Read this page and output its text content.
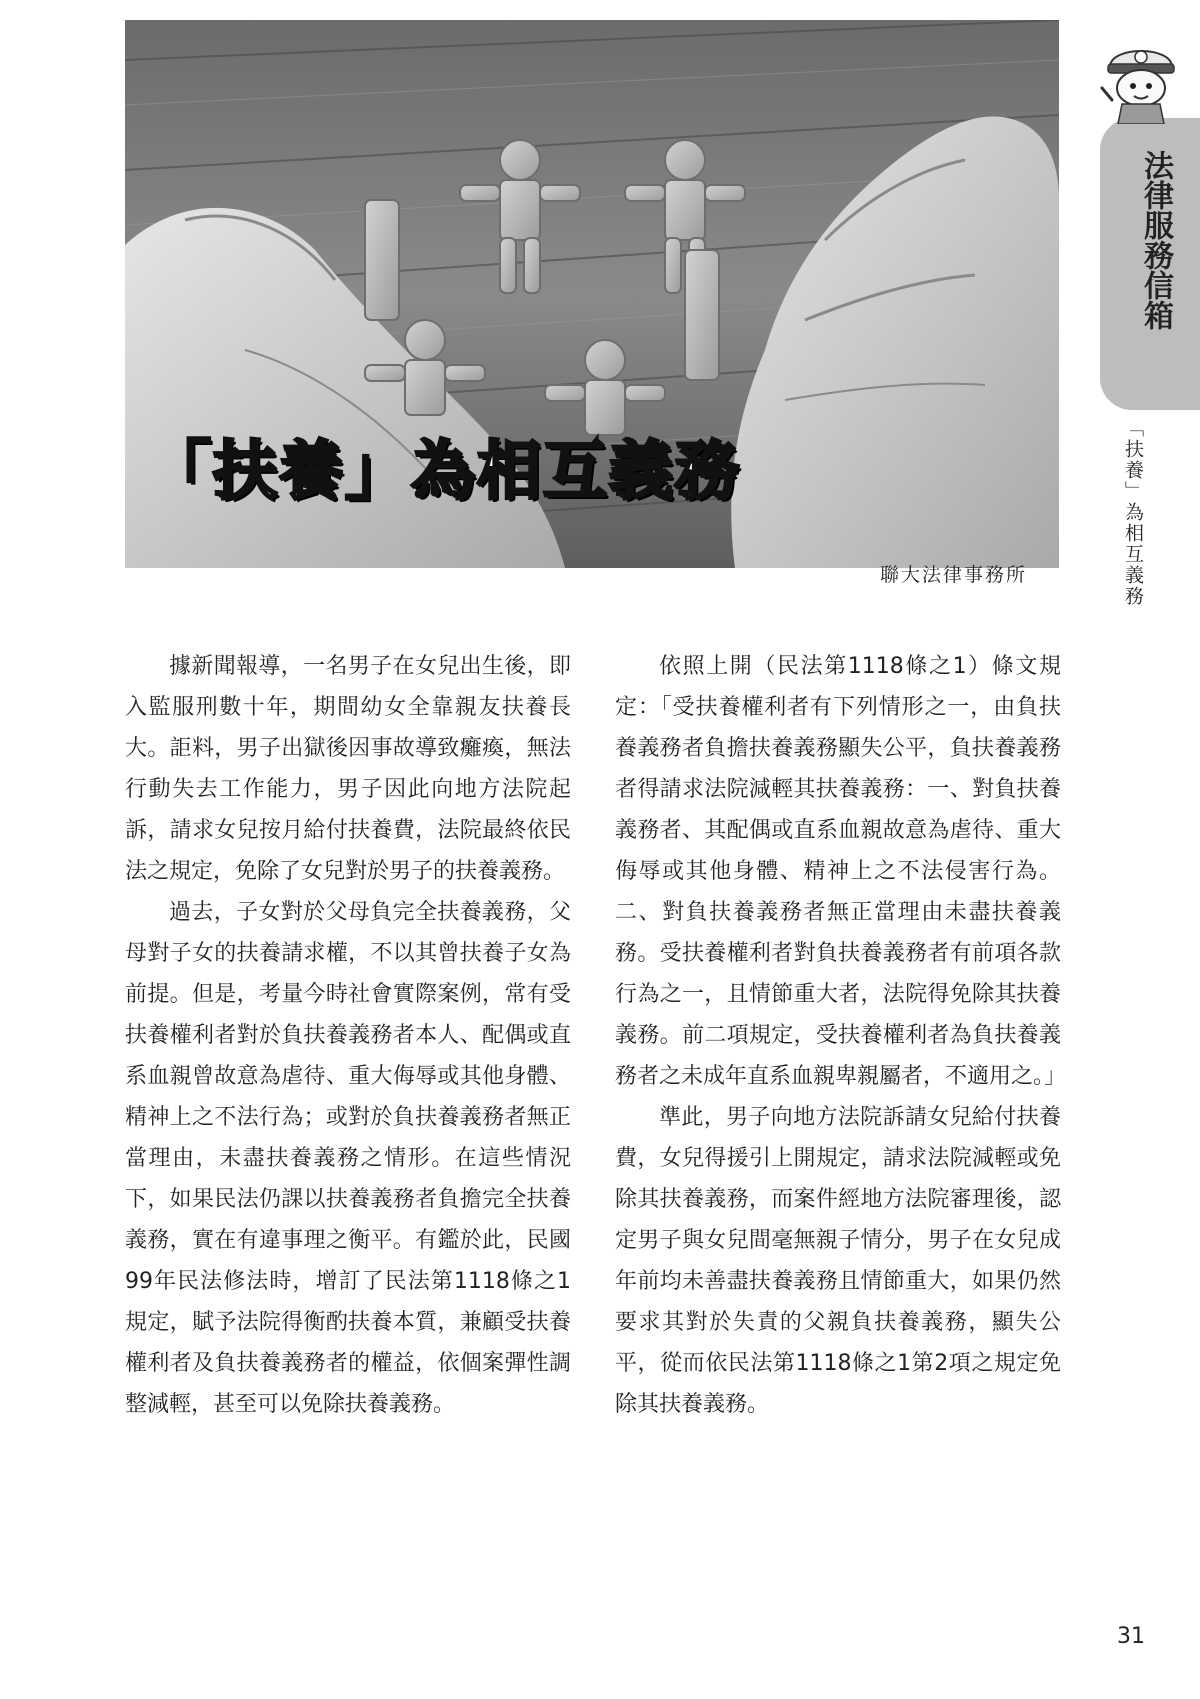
「扶養」為相互義務
聯大法律事務所
法律服務信箱
「扶養」為相互義務

據新聞報導，一名男子在女兒出生後，即入監服刑數十年，期間幼女全靠親友扶養長大。詎料，男子出獄後因事故導致癱瘓，無法行動失去工作能力，男子因此向地方法院起訴，請求女兒按月給付扶養費，法院最終依民法之規定，免除了女兒對於男子的扶養義務。

過去，子女對於父母負完全扶養義務，父母對子女的扶養請求權，不以其曾扶養子女為前提。但是，考量今時社會實際案例，常有受扶養權利者對於負扶養義務者本人、配偶或直系血親曾故意為虐待、重大侮辱或其他身體、精神上之不法行為；或對於負扶養義務者無正當理由，未盡扶養義務之情形。在這些情況下，如果民法仍課以扶養義務者負擔完全扶養義務，實在有違事理之衡平。有鑑於此，民國99年民法修法時，增訂了民法第1118條之1規定，賦予法院得衡酌扶養本質，兼顧受扶養權利者及負扶養義務者的權益，依個案彈性調整減輕，甚至可以免除扶養義務。

依照上開（民法第1118條之1）條文規定：「受扶養權利者有下列情形之一，由負扶養義務者負擔扶養義務顯失公平，負扶養義務者得請求法院減輕其扶養義務：一、對負扶養義務者、其配偶或直系血親故意為虐待、重大侮辱或其他身體、精神上之不法侵害行為。二、對負扶養義務者無正當理由未盡扶養義務。受扶養權利者對負扶養義務者有前項各款行為之一，且情節重大者，法院得免除其扶養義務。前二項規定，受扶養權利者為負扶養義務者之未成年直系血親卑親屬者，不適用之。」

準此，男子向地方法院訴請女兒給付扶養費，女兒得援引上開規定，請求法院減輕或免除其扶養義務，而案件經地方法院審理後，認定男子與女兒間毫無親子情分，男子在女兒成年前均未善盡扶養義務且情節重大，如果仍然要求其對於失責的父親負扶養義務，顯失公平，從而依民法第1118條之1第2項之規定免除其扶養義務。

31
